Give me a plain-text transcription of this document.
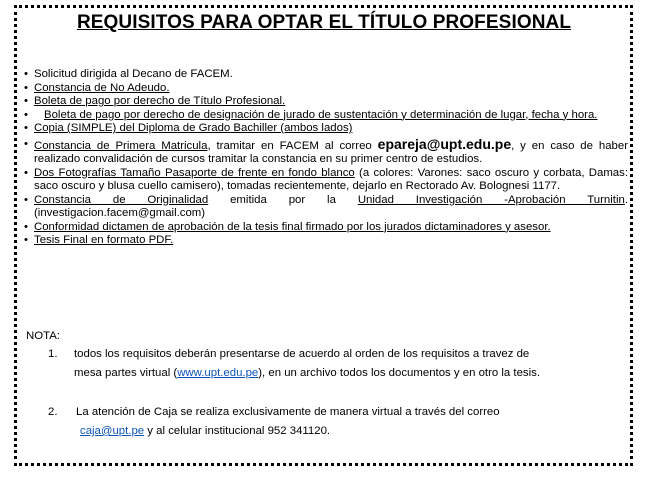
REQUISITOS PARA OPTAR EL TÍTULO PROFESIONAL
• Solicitud dirigida al Decano de FACEM.
• Constancia de No Adeudo.
• Boleta de pago por derecho de Título Profesional.
• Boleta de pago por derecho de designación de jurado de sustentación y determinación de lugar, fecha y hora.
• Copia (SIMPLE) del Diploma de Grado Bachiller (ambos lados)
• Constancia de Primera Matricula, tramitar en FACEM al correo epareja@upt.edu.pe, y en caso de haber realizado convalidación de cursos tramitar la constancia en su primer centro de estudios.
• Dos Fotografías Tamaño Pasaporte de frente en fondo blanco (a colores: Varones: saco oscuro y corbata, Damas: saco oscuro y blusa cuello camisero), tomadas recientemente, dejarlo en Rectorado Av. Bolognesi 1177.
• Constancia de Originalidad emitida por la Unidad Investigación -Aprobación Turnitin. (investigacion.facem@gmail.com)
• Conformidad dictamen de aprobación de la tesis final firmado por los jurados dictaminadores y asesor.
• Tesis Final en formato PDF.
NOTA:
1. todos los requisitos deberán presentarse de acuerdo al orden de los requisitos a travez de
mesa partes virtual (www.upt.edu.pe), en un archivo todos los documentos y en otro la tesis.
2. La atención de Caja se realiza exclusivamente de manera virtual a través del correo
caja@upt.pe y al celular institucional 952 341120.
